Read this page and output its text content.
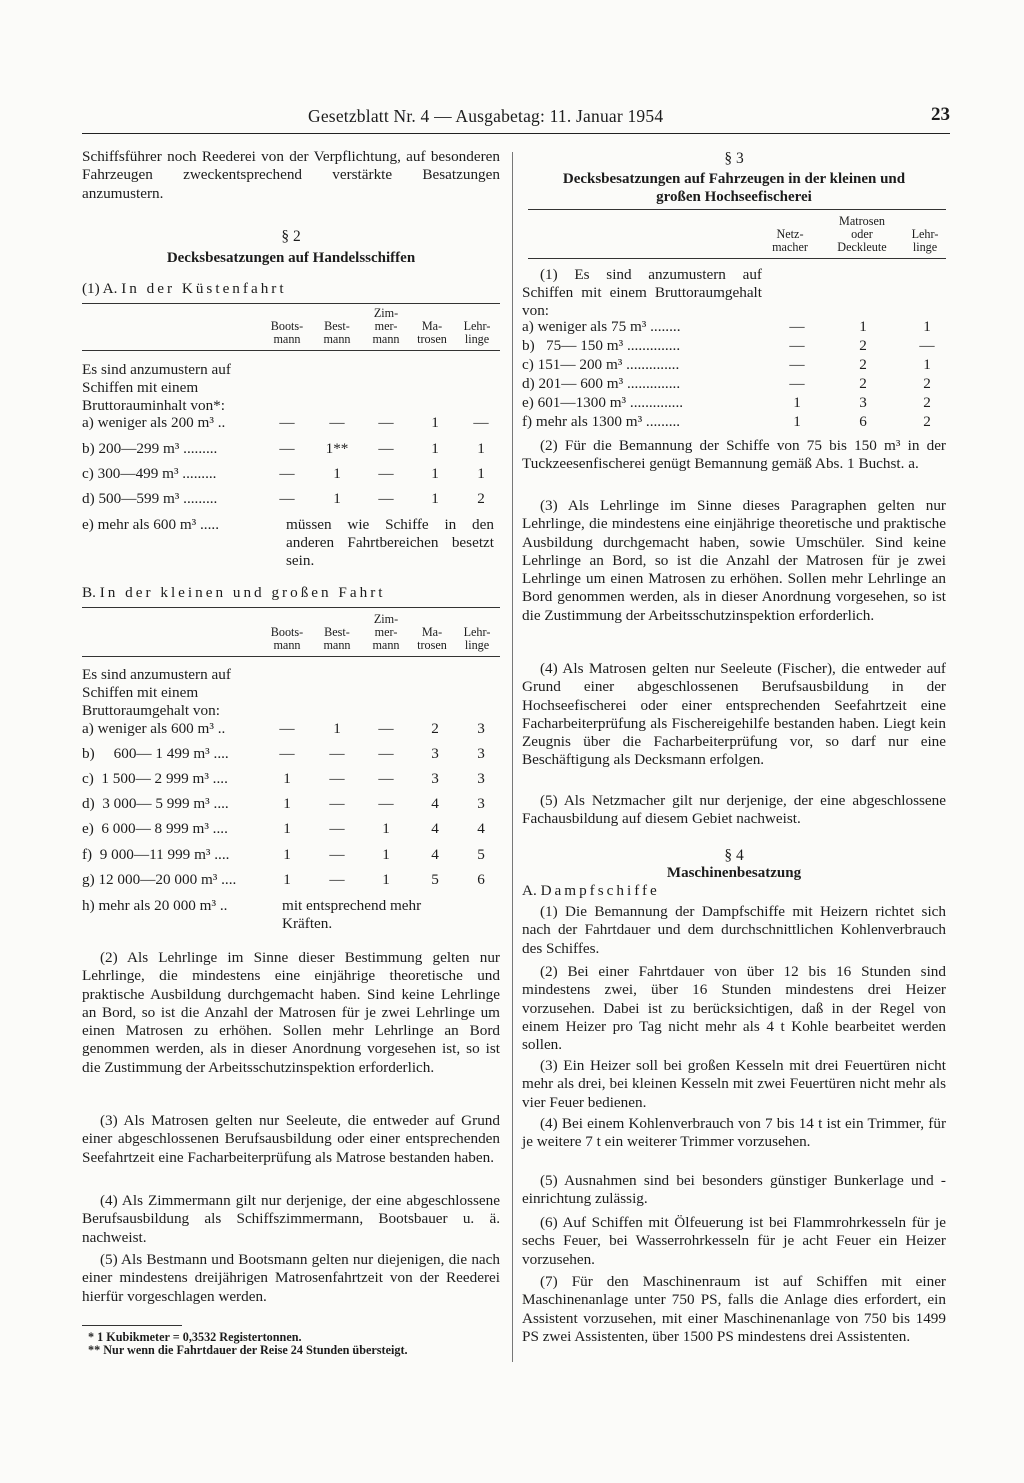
Gesetzblatt Nr. 4 — Ausgabetag: 11. Januar 1954	23

Schiffsführer noch Reederei von der Verpflichtung, auf besonderen Fahrzeugen zweckentsprechend verstärkte Besatzungen anzumustern.

§ 2
Decksbesatzungen auf Handelsschiffen
(1) A. In der Küstenfahrt
Boots-
mann
Best-
mann
Zim-
mer-
mann
Ma-
trosen
Lehr-
linge
Es sind anzumustern auf Schiffen mit einem Bruttorauminhalt von*:
a) weniger als 200 m³ ..	—	—	—	1	—
b) 200—299 m³ .........	—	1**	—	1	1
c) 300—499 m³ .........	—	1	—	1	1
d) 500—599 m³ .........	—	1	—	1	2
e) mehr als 600 m³ .....	müssen wie Schiffe in den anderen Fahrtbereichen besetzt sein.
B. In der kleinen und großen Fahrt
Boots-
mann
Best-
mann
Zim-
mer-
mann
Ma-
trosen
Lehr-
linge
Es sind anzumustern auf Schiffen mit einem Bruttoraumgehalt von:
a) weniger als 600 m³ ..	—	1	—	2	3
b)     600— 1 499 m³ ....	—	—	—	3	3
c)  1 500— 2 999 m³ ....	1	—	—	3	3
d)  3 000— 5 999 m³ ....	1	—	—	4	3
e)  6 000— 8 999 m³ ....	1	—	1	4	4
f)  9 000—11 999 m³ ....	1	—	1	4	5
g) 12 000—20 000 m³ ....	1	—	1	5	6
h) mehr als 20 000 m³ ..	mit entsprechend mehr Kräften.

(2) Als Lehrlinge im Sinne dieser Bestimmung gelten nur Lehrlinge, die mindestens eine einjährige theoretische und praktische Ausbildung durchgemacht haben. Sind keine Lehrlinge an Bord, so ist die Anzahl der Matrosen für je zwei Lehrlinge um einen Matrosen zu erhöhen. Sollen mehr Lehrlinge an Bord genommen werden, als in dieser Anordnung vorgesehen ist, so ist die Zustimmung der Arbeitsschutzinspektion erforderlich.

(3) Als Matrosen gelten nur Seeleute, die entweder auf Grund einer abgeschlossenen Berufsausbildung oder einer entsprechenden Seefahrtzeit eine Facharbeiterprüfung als Matrose bestanden haben.

(4) Als Zimmermann gilt nur derjenige, der eine abgeschlossene Berufsausbildung als Schiffszimmermann, Bootsbauer u. ä. nachweist.

(5) Als Bestmann und Bootsmann gelten nur diejenigen, die nach einer mindestens dreijährigen Matrosenfahrtzeit von der Reederei hierfür vorgeschlagen werden.

* 1 Kubikmeter = 0,3532 Registertonnen.
** Nur wenn die Fahrtdauer der Reise 24 Stunden übersteigt.
§ 3
Decksbesatzungen auf Fahrzeugen in der kleinen und großen Hochseefischerei
Netz-
macher
Matrosen
oder
Deckleute
Lehr-
linge
(1) Es sind anzumustern auf Schiffen mit einem Bruttoraumgehalt von:
a) weniger als 75 m³ ........	—	1	1
b)   75— 150 m³ ..............	—	2	—
c) 151— 200 m³ ..............	—	2	1
d) 201— 600 m³ ..............	—	2	2
e) 601—1300 m³ ..............	1	3	2
f) mehr als 1300 m³ .........	1	6	2

(2) Für die Bemannung der Schiffe von 75 bis 150 m³ in der Tuckzeesenfischerei genügt Bemannung gemäß Abs. 1 Buchst. a.

(3) Als Lehrlinge im Sinne dieses Paragraphen gelten nur Lehrlinge, die mindestens eine einjährige theoretische und praktische Ausbildung durchgemacht haben, sowie Umschüler. Sind keine Lehrlinge an Bord, so ist die Anzahl der Matrosen für je zwei Lehrlinge um einen Matrosen zu erhöhen. Sollen mehr Lehrlinge an Bord genommen werden, als in dieser Anordnung vorgesehen, so ist die Zustimmung der Arbeitsschutzinspektion erforderlich.

(4) Als Matrosen gelten nur Seeleute (Fischer), die entweder auf Grund einer abgeschlossenen Berufsausbildung in der Hochseefischerei oder einer entsprechenden Seefahrtzeit eine Facharbeiterprüfung als Fischereigehilfe bestanden haben. Liegt kein Zeugnis über die Facharbeiterprüfung vor, so darf nur eine Beschäftigung als Decksmann erfolgen.

(5) Als Netzmacher gilt nur derjenige, der eine abgeschlossene Fachausbildung auf diesem Gebiet nachweist.

§ 4
Maschinenbesatzung
A. Dampfschiffe

(1) Die Bemannung der Dampfschiffe mit Heizern richtet sich nach der Fahrtdauer und dem durchschnittlichen Kohlenverbrauch des Schiffes.

(2) Bei einer Fahrtdauer von über 12 bis 16 Stunden sind mindestens zwei, über 16 Stunden mindestens drei Heizer vorzusehen. Dabei ist zu berücksichtigen, daß in der Regel von einem Heizer pro Tag nicht mehr als 4 t Kohle bearbeitet werden sollen.

(3) Ein Heizer soll bei großen Kesseln mit drei Feuertüren nicht mehr als drei, bei kleinen Kesseln mit zwei Feuertüren nicht mehr als vier Feuer bedienen.

(4) Bei einem Kohlenverbrauch von 7 bis 14 t ist ein Trimmer, für je weitere 7 t ein weiterer Trimmer vorzusehen.

(5) Ausnahmen sind bei besonders günstiger Bunkerlage und -einrichtung zulässig.

(6) Auf Schiffen mit Ölfeuerung ist bei Flammrohrkesseln für je sechs Feuer, bei Wasserrohrkesseln für je acht Feuer ein Heizer vorzusehen.

(7) Für den Maschinenraum ist auf Schiffen mit einer Maschinenanlage unter 750 PS, falls die Anlage dies erfordert, ein Assistent vorzusehen, mit einer Maschinenanlage von 750 bis 1499 PS zwei Assistenten, über 1500 PS mindestens drei Assistenten.
